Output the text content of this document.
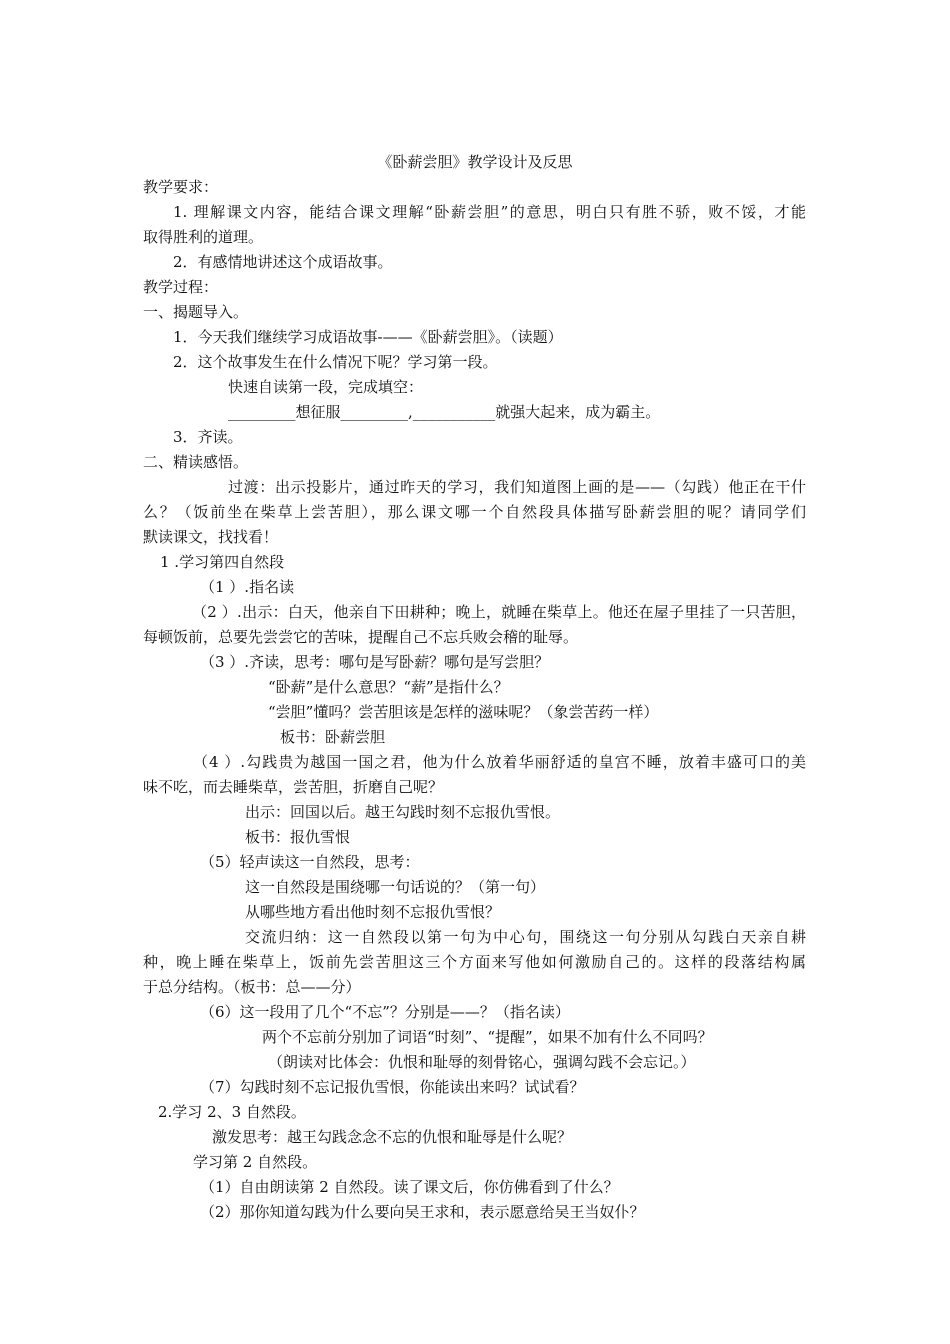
《卧薪尝胆》教学设计及反思
教学要求：
1. 理解课文内容，能结合课文理解“卧薪尝胆”的意思，明白只有胜不骄，败不馁，才能
取得胜利的道理。
2．有感情地讲述这个成语故事。
教学过程：
一、揭题导入。
1．今天我们继续学习成语故事-——《卧薪尝胆》。（读题）
2．这个故事发生在什么情况下呢？学习第一段。
快速自读第一段，完成填空：
_________想征服_________,___________就强大起来，成为霸主。
3．齐读。
二、精读感悟。
过渡：出示投影片，通过昨天的学习，我们知道图上画的是——（勾践）他正在干什
么？（饭前坐在柴草上尝苦胆），那么课文哪一个自然段具体描写卧薪尝胆的呢？请同学们
默读课文，找找看！
1 .学习第四自然段
（1 ）.指名读
（2 ）.出示：白天，他亲自下田耕种；晚上，就睡在柴草上。他还在屋子里挂了一只苦胆，
每顿饭前，总要先尝尝它的苦味，提醒自己不忘兵败会稽的耻辱。
（3 ）.齐读，思考：哪句是写卧薪？哪句是写尝胆？
“卧薪”是什么意思？“薪”是指什么？
“尝胆”懂吗？尝苦胆该是怎样的滋味呢？（象尝苦药一样）
板书：卧薪尝胆
（4 ）.勾践贵为越国一国之君，他为什么放着华丽舒适的皇宫不睡，放着丰盛可口的美
味不吃，而去睡柴草，尝苦胆，折磨自己呢？
出示：回国以后。越王勾践时刻不忘报仇雪恨。
板书：报仇雪恨
（5）轻声读这一自然段，思考：
这一自然段是围绕哪一句话说的？（第一句）
从哪些地方看出他时刻不忘报仇雪恨？
交流归纳：这一自然段以第一句为中心句，围绕这一句分别从勾践白天亲自耕
种，晚上睡在柴草上，饭前先尝苦胆这三个方面来写他如何激励自己的。这样的段落结构属
于总分结构。（板书：总——分）
（6）这一段用了几个“不忘”？分别是——？（指名读）
两个不忘前分别加了词语“时刻”、“提醒”，如果不加有什么不同吗？
（朗读对比体会：仇恨和耻辱的刻骨铭心，强调勾践不会忘记。）
（7）勾践时刻不忘记报仇雪恨，你能读出来吗？试试看？
2.学习 2、3 自然段。
激发思考：越王勾践念念不忘的仇恨和耻辱是什么呢？
学习第 2 自然段。
（1）自由朗读第 2 自然段。读了课文后，你仿佛看到了什么？
（2）那你知道勾践为什么要向吴王求和，表示愿意给吴王当奴仆？
